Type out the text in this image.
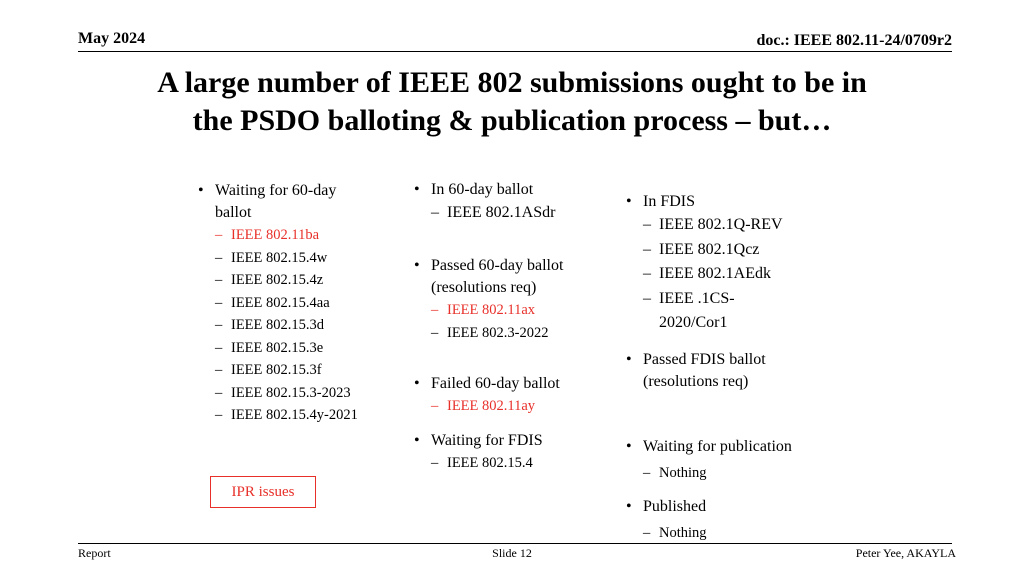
May 2024	doc.: IEEE 802.11-24/0709r2
A large number of IEEE 802 submissions ought to be in
the PSDO balloting & publication process – but…
• Waiting for 60-day
ballot
– IEEE 802.11ba
– IEEE 802.15.4w
– IEEE 802.15.4z
– IEEE 802.15.4aa
– IEEE 802.15.3d
– IEEE 802.15.3e
– IEEE 802.15.3f
– IEEE 802.15.3-2023
– IEEE 802.15.4y-2021
IPR issues
• In 60-day ballot
– IEEE 802.1ASdr
• Passed 60-day ballot
(resolutions req)
– IEEE 802.11ax
– IEEE 802.3-2022
• Failed 60-day ballot
– IEEE 802.11ay
• Waiting for FDIS
– IEEE 802.15.4
• In FDIS
– IEEE 802.1Q-REV
– IEEE 802.1Qcz
– IEEE 802.1AEdk
– IEEE .1CS-
2020/Cor1
• Passed FDIS ballot
(resolutions req)
• Waiting for publication
– Nothing
• Published
– Nothing
Report	Slide 12	Peter Yee, AKAYLA
